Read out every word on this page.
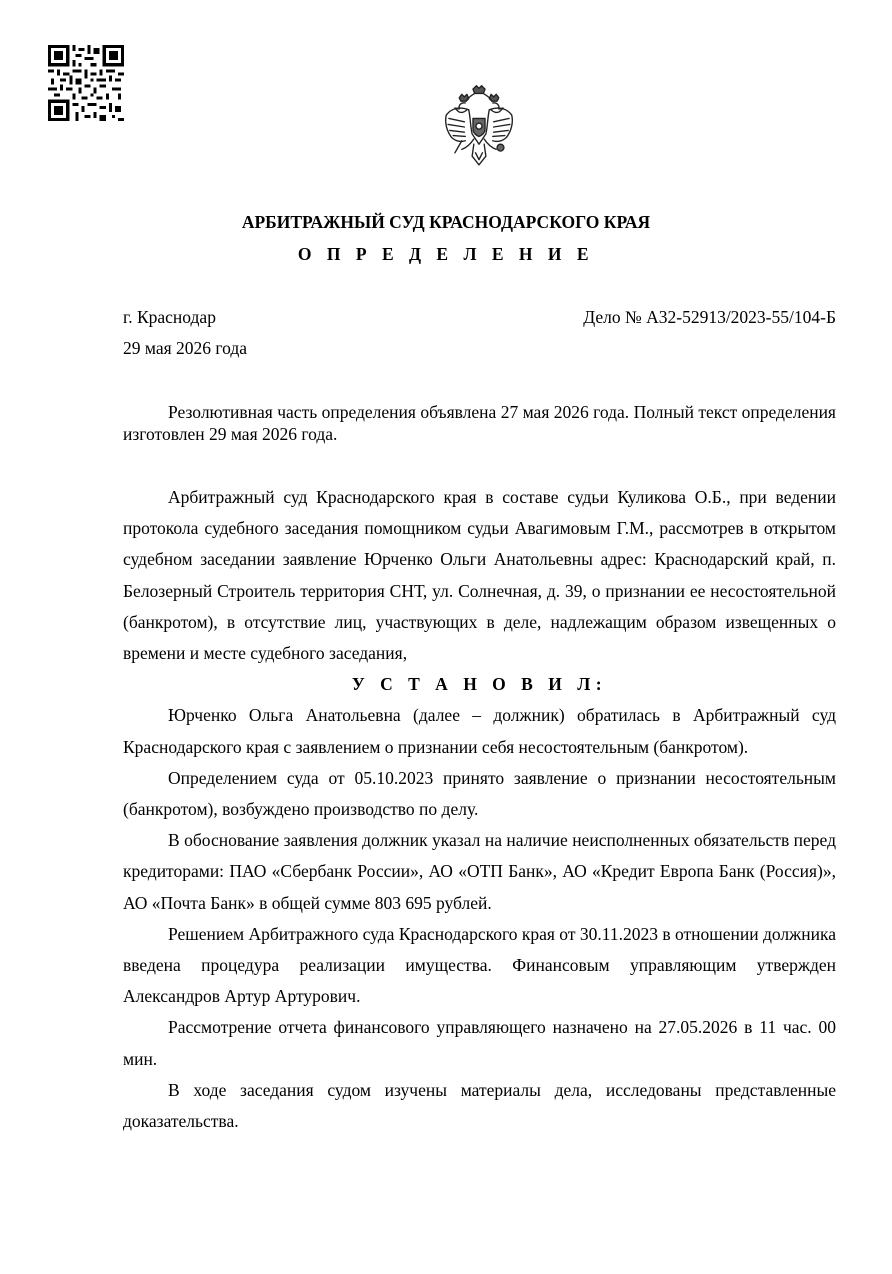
АРБИТРАЖНЫЙ СУД КРАСНОДАРСКОГО КРАЯ
О П Р Е Д Е Л Е Н И Е
г. Краснодар	Дело № А32-52913/2023-55/104-Б
29 мая 2026 года

Резолютивная часть определения объявлена 27 мая 2026 года. Полный текст определения изготовлен 29 мая 2026 года.

Арбитражный суд Краснодарского края в составе судьи Куликова О.Б., при ведении протокола судебного заседания помощником судьи Авагимовым Г.М., рассмотрев в открытом судебном заседании заявление Юрченко Ольги Анатольевны адрес: Краснодарский край, п. Белозерный Строитель территория СНТ, ул. Солнечная, д. 39, о признании ее несостоятельной (банкротом), в отсутствие лиц, участвующих в деле, надлежащим образом извещенных о времени и месте судебного заседания,

У С Т А Н О В И Л:

Юрченко Ольга Анатольевна (далее – должник) обратилась в Арбитражный суд Краснодарского края с заявлением о признании себя несостоятельным (банкротом).

Определением суда от 05.10.2023 принято заявление о признании несостоятельным (банкротом), возбуждено производство по делу.

В обоснование заявления должник указал на наличие неисполненных обязательств перед кредиторами: ПАО «Сбербанк России», АО «ОТП Банк», АО «Кредит Европа Банк (Россия)», АО «Почта Банк» в общей сумме 803 695 рублей.

Решением Арбитражного суда Краснодарского края от 30.11.2023 в отношении должника введена процедура реализации имущества. Финансовым управляющим утвержден Александров Артур Артурович.

Рассмотрение отчета финансового управляющего назначено на 27.05.2026 в 11 час. 00 мин.

В ходе заседания судом изучены материалы дела, исследованы представленные доказательства.
